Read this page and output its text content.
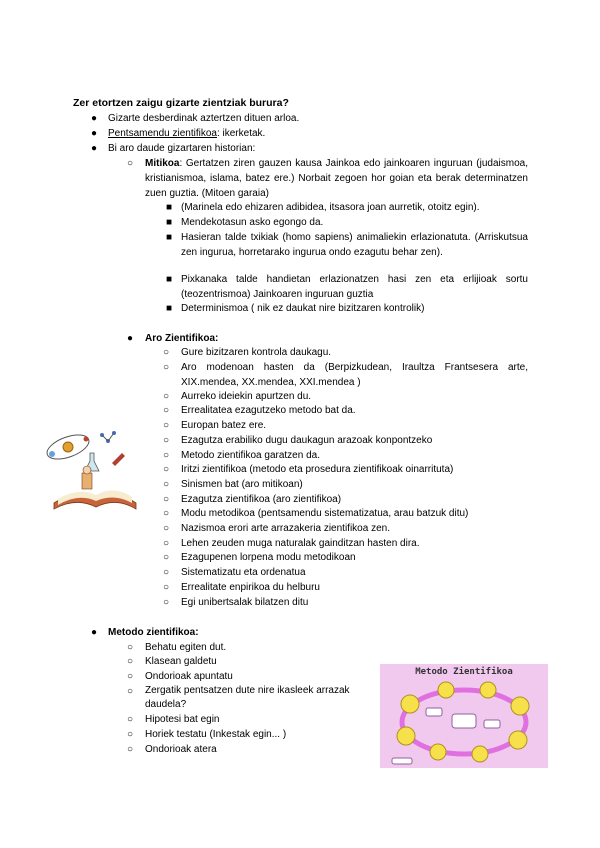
Zer etortzen zaigu gizarte zientziak burura?
● Gizarte desberdinak aztertzen dituen arloa.
● Pentsamendu zientifikoa: ikerketak.
● Bi aro daude gizartaren historian:
○ Mitikoa: Gertatzen ziren gauzen kausa Jainkoa edo jainkoaren inguruan (judaismoa, kristianismoa, islama, batez ere.) Norbait zegoen hor goian eta berak determinatzen zuen guztia. (Mitoen garaia)
■ (Marinela edo ehizaren adibidea, itsasora joan aurretik, otoitz egin).
■ Mendekotasun asko egongo da.
■ Hasieran talde txikiak (homo sapiens) animaliekin erlazionatuta. (Arriskutsua zen ingurua, horretarako ingurua ondo ezagutu behar zen).
■ Pixkanaka talde handietan erlazionatzen hasi zen eta erlijioak sortu (teozentrismoa) Jainkoaren inguruan guztia
■ Determinismoa ( nik ez daukat nire bizitzaren kontrolik)
● Aro Zientifikoa:
○ Gure bizitzaren kontrola daukagu.
○ Aro modenoan hasten da (Berpizkudean, Iraultza Frantsesera arte, XIX.mendea, XX.mendea, XXI.mendea )
○ Aurreko ideiekin apurtzen du.
○ Errealitatea ezagutzeko metodo bat da.
○ Europan batez ere.
○ Ezagutza erabiliko dugu daukagun arazoak konpontzeko
○ Metodo zientifikoa garatzen da.
○ Iritzi zientifikoa (metodo eta prosedura zientifikoak oinarrituta)
○ Sinismen bat (aro mitikoan)
○ Ezagutza zientifikoa (aro zientifikoa)
○ Modu metodikoa (pentsamendu sistematizatua, arau batzuk ditu)
○ Nazismoa erori arte arrazakeria zientifikoa zen.
○ Lehen zeuden muga naturalak gainditzan hasten dira.
○ Ezagupenen lorpena modu metodikoan
○ Sistematizatu eta ordenatua
○ Errealitate enpirikoa du helburu
○ Egi unibertsalak bilatzen ditu
● Metodo zientifikoa:
○ Behatu egiten dut.
○ Klasean galdetu
○ Ondorioak apuntatu
○ Zergatik pentsatzen dute nire ikasleek arrazak daudela?
○ Hipotesi bat egin
○ Horiek testatu (Inkestak egin... )
○ Ondorioak atera
Metodo Zientifikoa
